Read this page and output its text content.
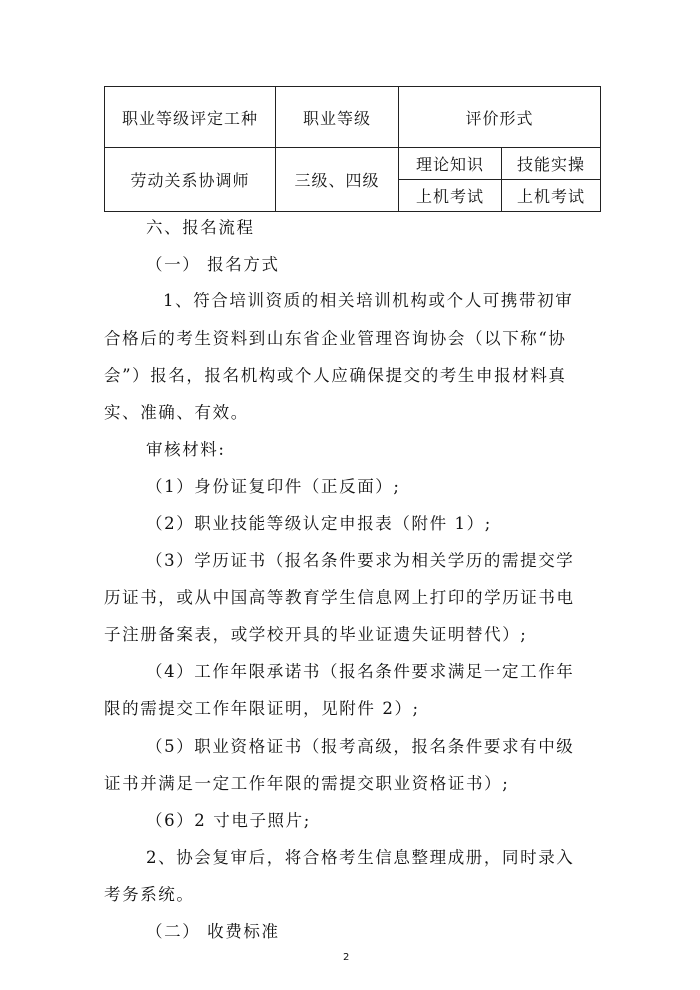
职业等级评定工种	职业等级	评价形式	
劳动关系协调师	三级、四级	理论知识	技能实操
		上机考试	上机考试
六、报名流程
（一） 报名方式
1、符合培训资质的相关培训机构或个人可携带初审
合格后的考生资料到山东省企业管理咨询协会（以下称“协
会”）报名，报名机构或个人应确保提交的考生申报材料真
实、准确、有效。
审核材料:
（1）身份证复印件（正反面）;
（2）职业技能等级认定申报表（附件 1）;
（3）学历证书（报名条件要求为相关学历的需提交学
历证书，或从中国高等教育学生信息网上打印的学历证书电
子注册备案表，或学校开具的毕业证遗失证明替代）;
（4）工作年限承诺书（报名条件要求满足一定工作年
限的需提交工作年限证明，见附件 2）;
（5）职业资格证书（报考高级，报名条件要求有中级
证书并满足一定工作年限的需提交职业资格证书）;
（6）2 寸电子照片;
2、协会复审后，将合格考生信息整理成册，同时录入
考务系统。
（二） 收费标准
2
